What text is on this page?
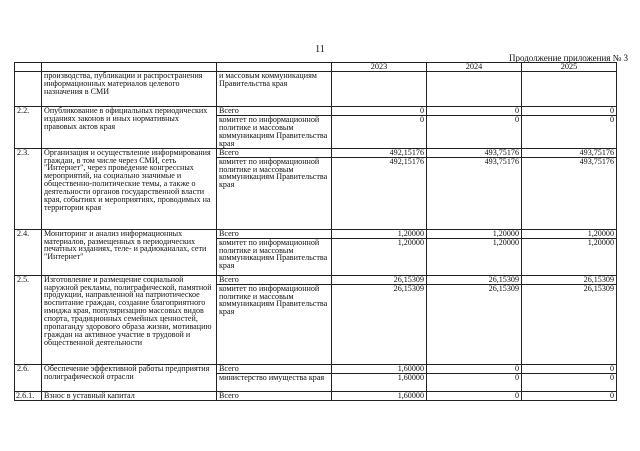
11
Продолжение приложения № 3
			2023	2024	2025
	производства, публикации и распространения информационных материалов целевого назначения в СМИ	и массовым коммуникациям Правительства края			
2.2.	Опубликование в официальных периодических изданиях законов и иных нормативных правовых актов края	Всего	0	0	0
		комитет по информационной политике и массовым коммуникациям Правительства края	0	0	0
2.3.	Организация и осуществление информирования граждан, в том числе через СМИ, сеть "Интернет", через проведение конгрессных мероприятий, на социально значимые и общественно-политические темы, а также о деятельности органов государственной власти края, событиях и мероприятиях, проводимых на территории края	Всего	492,15176	493,75176	493,75176
		комитет по информационной политике и массовым коммуникациям Правительства края	492,15176	493,75176	493,75176
2.4.	Мониторинг и анализ информационных материалов, размещенных в периодических печатных изданиях, теле- и радиоканалах, сети "Интернет"	Всего	1,20000	1,20000	1,20000
		комитет по информационной политике и массовым коммуникациям Правительства края	1,20000	1,20000	1,20000
2.5.	Изготовление и размещение социальной наружной рекламы, полиграфической, памятной продукции, направленной на патриотическое воспитание граждан, создание благоприятного имиджа края, популяризацию массовых видов спорта, традиционных семейных ценностей, пропаганду здорового образа жизни, мотивацию граждан на активное участие в трудовой и общественной деятельности	Всего	26,15309	26,15309	26,15309
		комитет по информационной политике и массовым коммуникациям Правительства края	26,15309	26,15309	26,15309
2.6.	Обеспечение эффективной работы предприятия полиграфической отрасли	Всего	1,60000	0	0
		министерство имущества края	1,60000	0	0
2.6.1.	Взнос в уставный капитал	Всего	1,60000	0	0
